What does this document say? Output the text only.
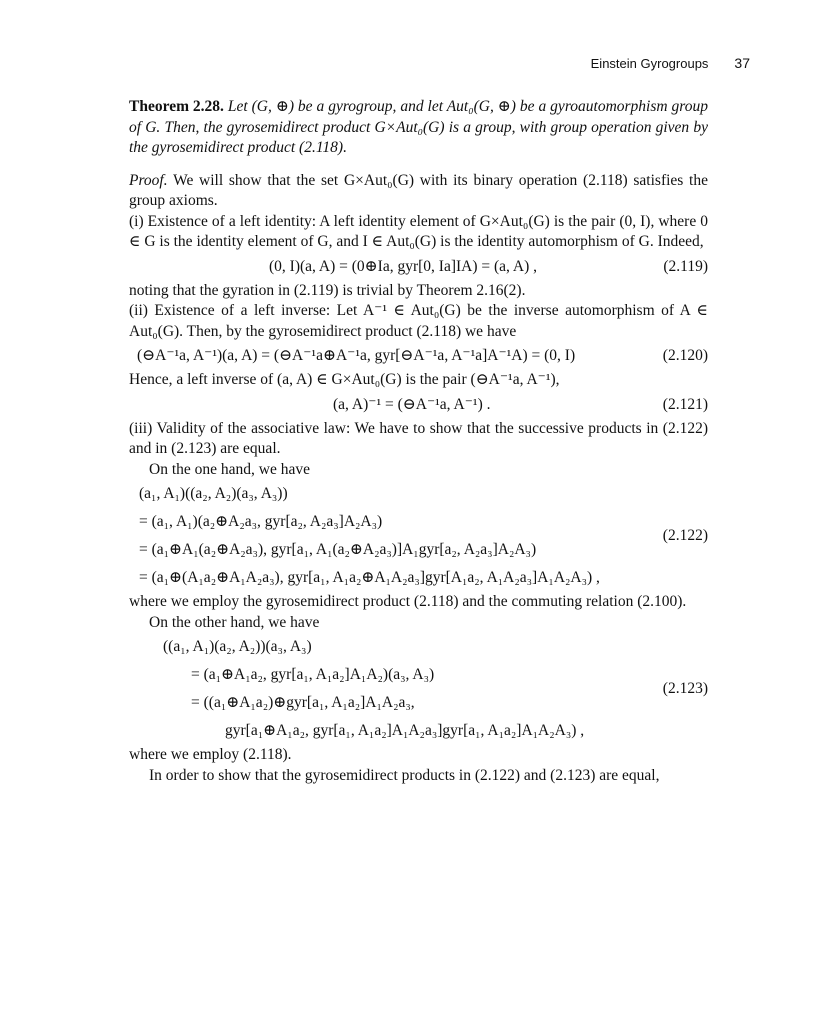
Einstein Gyrogroups 37

Theorem 2.28. Let (G, ⊕) be a gyrogroup, and let Aut₀(G, ⊕) be a gyroautomorphism group of G. Then, the gyrosemidirect product G×Aut₀(G) is a group, with group operation given by the gyrosemidirect product (2.118).

Proof. We will show that the set G×Aut₀(G) with its binary operation (2.118) satisfies the group axioms.

(i) Existence of a left identity: A left identity element of G×Aut₀(G) is the pair (0, I), where 0 ∈ G is the identity element of G, and I ∈ Aut₀(G) is the identity automorphism of G. Indeed,

(0, I)(a, A) = (0⊕Ia, gyr[0, Ia]IA) = (a, A) ,	(2.119)

noting that the gyration in (2.119) is trivial by Theorem 2.16(2).

(ii) Existence of a left inverse: Let A⁻¹ ∈ Aut₀(G) be the inverse automorphism of A ∈ Aut₀(G). Then, by the gyrosemidirect product (2.118) we have

(⊖A⁻¹a, A⁻¹)(a, A) = (⊖A⁻¹a⊕A⁻¹a, gyr[⊖A⁻¹a, A⁻¹a]A⁻¹A) = (0, I)	(2.120)

Hence, a left inverse of (a, A) ∈ G×Aut₀(G) is the pair (⊖A⁻¹a, A⁻¹),

(a, A)⁻¹ = (⊖A⁻¹a, A⁻¹) .	(2.121)

(iii) Validity of the associative law: We have to show that the successive products in (2.122) and in (2.123) are equal.

On the one hand, we have

(a₁, A₁)((a₂, A₂)(a₃, A₃))
= (a₁, A₁)(a₂⊕A₂a₃, gyr[a₂, A₂a₃]A₂A₃)
= (a₁⊕A₁(a₂⊕A₂a₃), gyr[a₁, A₁(a₂⊕A₂a₃)]A₁gyr[a₂, A₂a₃]A₂A₃)
= (a₁⊕(A₁a₂⊕A₁A₂a₃), gyr[a₁, A₁a₂⊕A₁A₂a₃]gyr[A₁a₂, A₁A₂a₃]A₁A₂A₃) ,
(2.122)

where we employ the gyrosemidirect product (2.118) and the commuting relation (2.100).

On the other hand, we have

((a₁, A₁)(a₂, A₂))(a₃, A₃)
= (a₁⊕A₁a₂, gyr[a₁, A₁a₂]A₁A₂)(a₃, A₃)
= ((a₁⊕A₁a₂)⊕gyr[a₁, A₁a₂]A₁A₂a₃,
gyr[a₁⊕A₁a₂, gyr[a₁, A₁a₂]A₁A₂a₃]gyr[a₁, A₁a₂]A₁A₂A₃) ,
(2.123)

where we employ (2.118).

In order to show that the gyrosemidirect products in (2.122) and (2.123) are equal,
